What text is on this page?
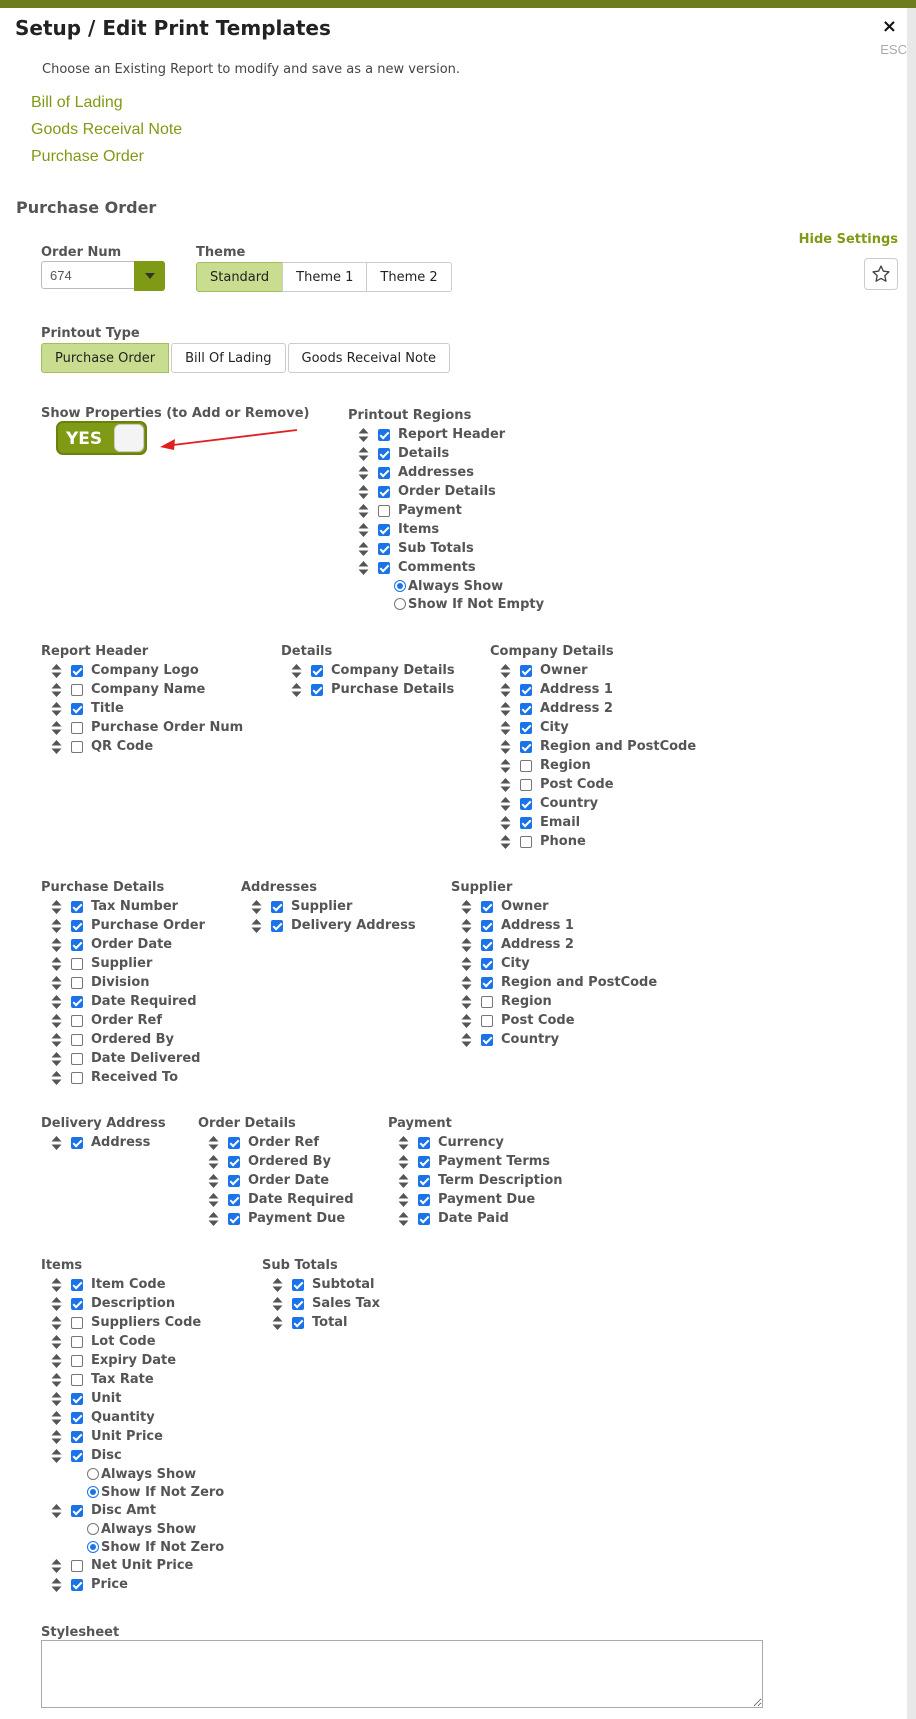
Setup / Edit Print Templates	×
ESC
Choose an Existing Report to modify and save as a new version.
Bill of Lading
Goods Receival Note
Purchase Order
Purchase Order
Hide Settings
Order Num
674	Theme
Standard	Theme 1	Theme 2
Printout Type
Purchase Order	Bill Of Lading	Goods Receival Note
Show Properties (to Add or Remove)
YES
Printout Regions
Report Header
Details
Addresses
Order Details
Payment
Items
Sub Totals
Comments
Always Show
Show If Not Empty
Report Header
Company Logo
Company Name
Title
Purchase Order Num
QR Code
Details
Company Details
Purchase Details
Company Details
Owner
Address 1
Address 2
City
Region and PostCode
Region
Post Code
Country
Email
Phone
Purchase Details
Tax Number
Purchase Order
Order Date
Supplier
Division
Date Required
Order Ref
Ordered By
Date Delivered
Received To
Addresses
Supplier
Delivery Address
Supplier
Owner
Address 1
Address 2
City
Region and PostCode
Region
Post Code
Country
Delivery Address
Address
Order Details
Order Ref
Ordered By
Order Date
Date Required
Payment Due
Payment
Currency
Payment Terms
Term Description
Payment Due
Date Paid
Items
Item Code
Description
Suppliers Code
Lot Code
Expiry Date
Tax Rate
Unit
Quantity
Unit Price
Disc
Always Show
Show If Not Zero
Disc Amt
Always Show
Show If Not Zero
Net Unit Price
Price
Sub Totals
Subtotal
Sales Tax
Total
Stylesheet
